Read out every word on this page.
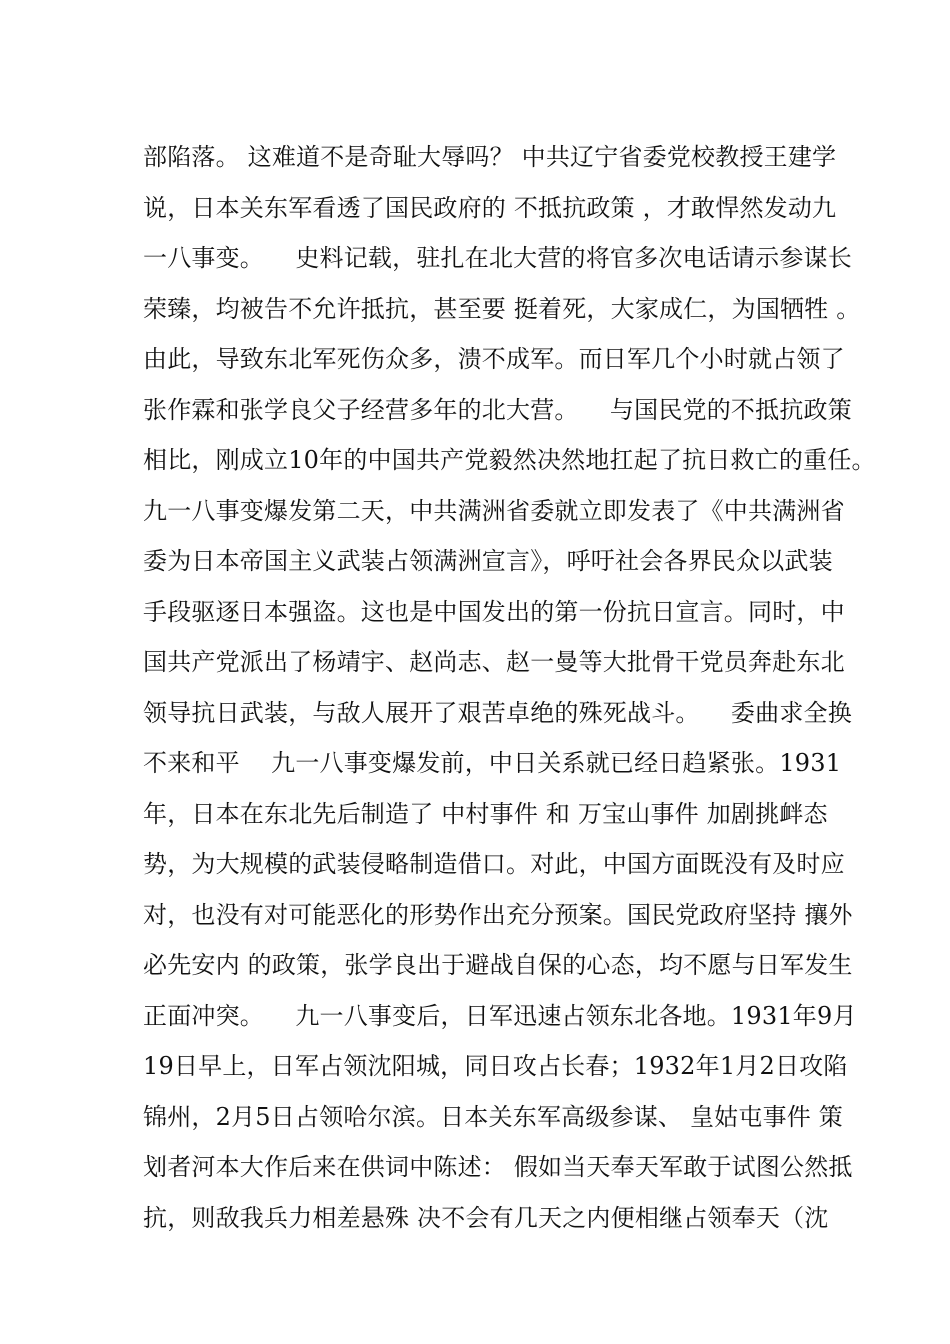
部陷落。 这难道不是奇耻大辱吗？ 中共辽宁省委党校教授王建学
说，日本关东军看透了国民政府的 不抵抗政策 ，才敢悍然发动九
一八事变。    史料记载，驻扎在北大营的将官多次电话请示参谋长
荣臻，均被告不允许抵抗，甚至要 挺着死，大家成仁，为国牺牲 。
由此，导致东北军死伤众多，溃不成军。而日军几个小时就占领了
张作霖和张学良父子经营多年的北大营。    与国民党的不抵抗政策
相比，刚成立10年的中国共产党毅然决然地扛起了抗日救亡的重任。
九一八事变爆发第二天，中共满洲省委就立即发表了《中共满洲省
委为日本帝国主义武装占领满洲宣言》，呼吁社会各界民众以武装
手段驱逐日本强盗。这也是中国发出的第一份抗日宣言。同时，中
国共产党派出了杨靖宇、赵尚志、赵一曼等大批骨干党员奔赴东北
领导抗日武装，与敌人展开了艰苦卓绝的殊死战斗。    委曲求全换
不来和平    九一八事变爆发前，中日关系就已经日趋紧张。1931
年，日本在东北先后制造了 中村事件 和 万宝山事件 加剧挑衅态
势，为大规模的武装侵略制造借口。对此，中国方面既没有及时应
对，也没有对可能恶化的形势作出充分预案。国民党政府坚持 攘外
必先安内 的政策，张学良出于避战自保的心态，均不愿与日军发生
正面冲突。    九一八事变后，日军迅速占领东北各地。1931年9月
19日早上，日军占领沈阳城，同日攻占长春；1932年1月2日攻陷
锦州，2月5日占领哈尔滨。日本关东军高级参谋、 皇姑屯事件 策
划者河本大作后来在供词中陈述： 假如当天奉天军敢于试图公然抵
抗，则敌我兵力相差悬殊 决不会有几天之内便相继占领奉天（沈
